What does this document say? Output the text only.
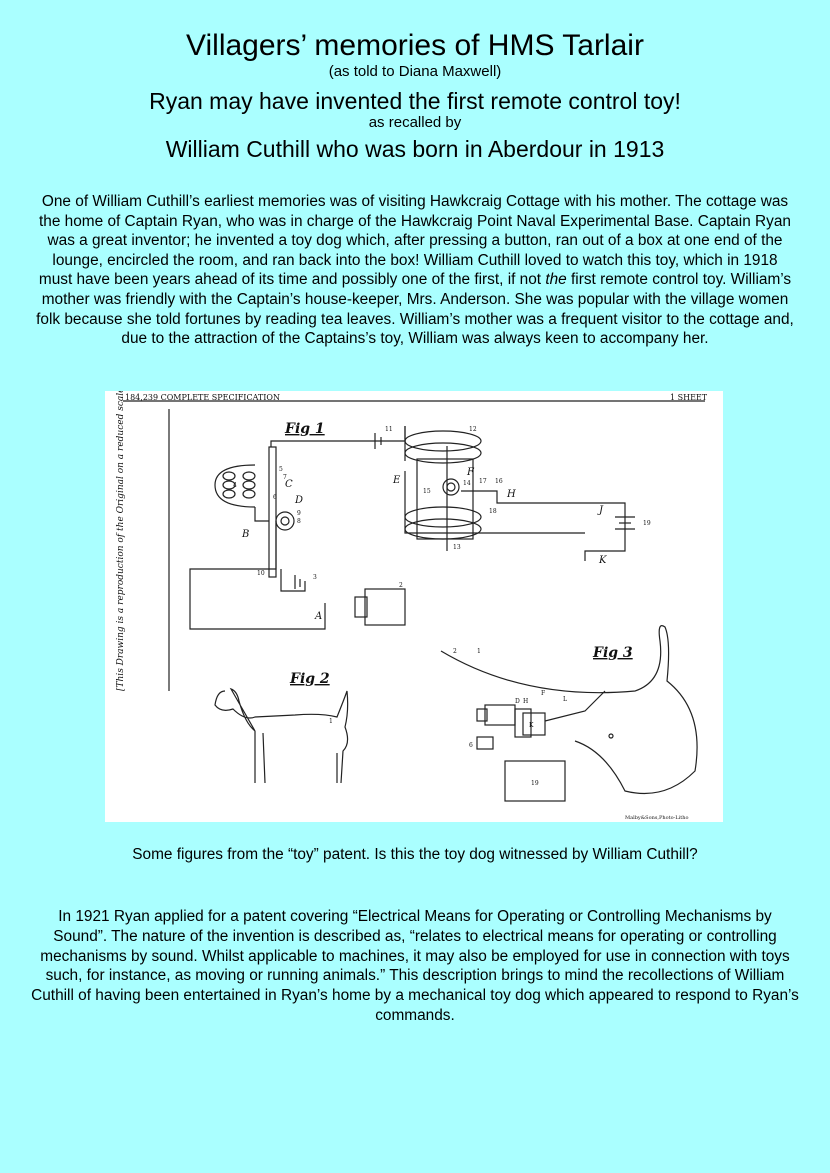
Villagers’ memories of HMS Tarlair
(as told to Diana Maxwell)
Ryan may have invented the first remote control toy!
as recalled by
William Cuthill who was born in Aberdour in 1913

One of William Cuthill’s earliest memories was of visiting Hawkcraig Cottage with his mother. The cottage was the home of Captain Ryan, who was in charge of the Hawkcraig Point Naval Experimental Base. Captain Ryan was a great inventor; he invented a toy dog which, after pressing a button, ran out of a box at one end of the lounge, encircled the room, and ran back into the box! William Cuthill loved to watch this toy, which in 1918 must have been years ahead of its time and possibly one of the first, if not the first remote control toy. William’s mother was friendly with the Captain’s house-keeper, Mrs. Anderson. She was popular with the village women folk because she told fortunes by reading tea leaves. William’s mother was a frequent visitor to the cottage and, due to the attraction of the Captains’s toy, William was always keen to accompany her.

184,239 COMPLETE SPECIFICATION	1 SHEET
Malby&Sons,Photo-Litho
[This Drawing is a reproduction of the Original on a reduced scale]	Fig 1
Fig 2
Fig 3
C
D
B
A
E
F
H
J
K
1
2
3
4
5
6
7
8
9
10
11	12
13
14
15
16
17
18
19
2	1
6
D H
F
L
K
19
Some figures from the “toy” patent. Is this the toy dog witnessed by William Cuthill?

In 1921 Ryan applied for a patent covering “Electrical Means for Operating or Controlling Mechanisms by Sound”. The nature of the invention is described as, “relates to electrical means for operating or controlling mechanisms by sound. Whilst applicable to machines, it may also be employed for use in connection with toys such, for instance, as moving or running animals.” This description brings to mind the recollections of William Cuthill of having been entertained in Ryan’s home by a mechanical toy dog which appeared to respond to Ryan’s commands.
